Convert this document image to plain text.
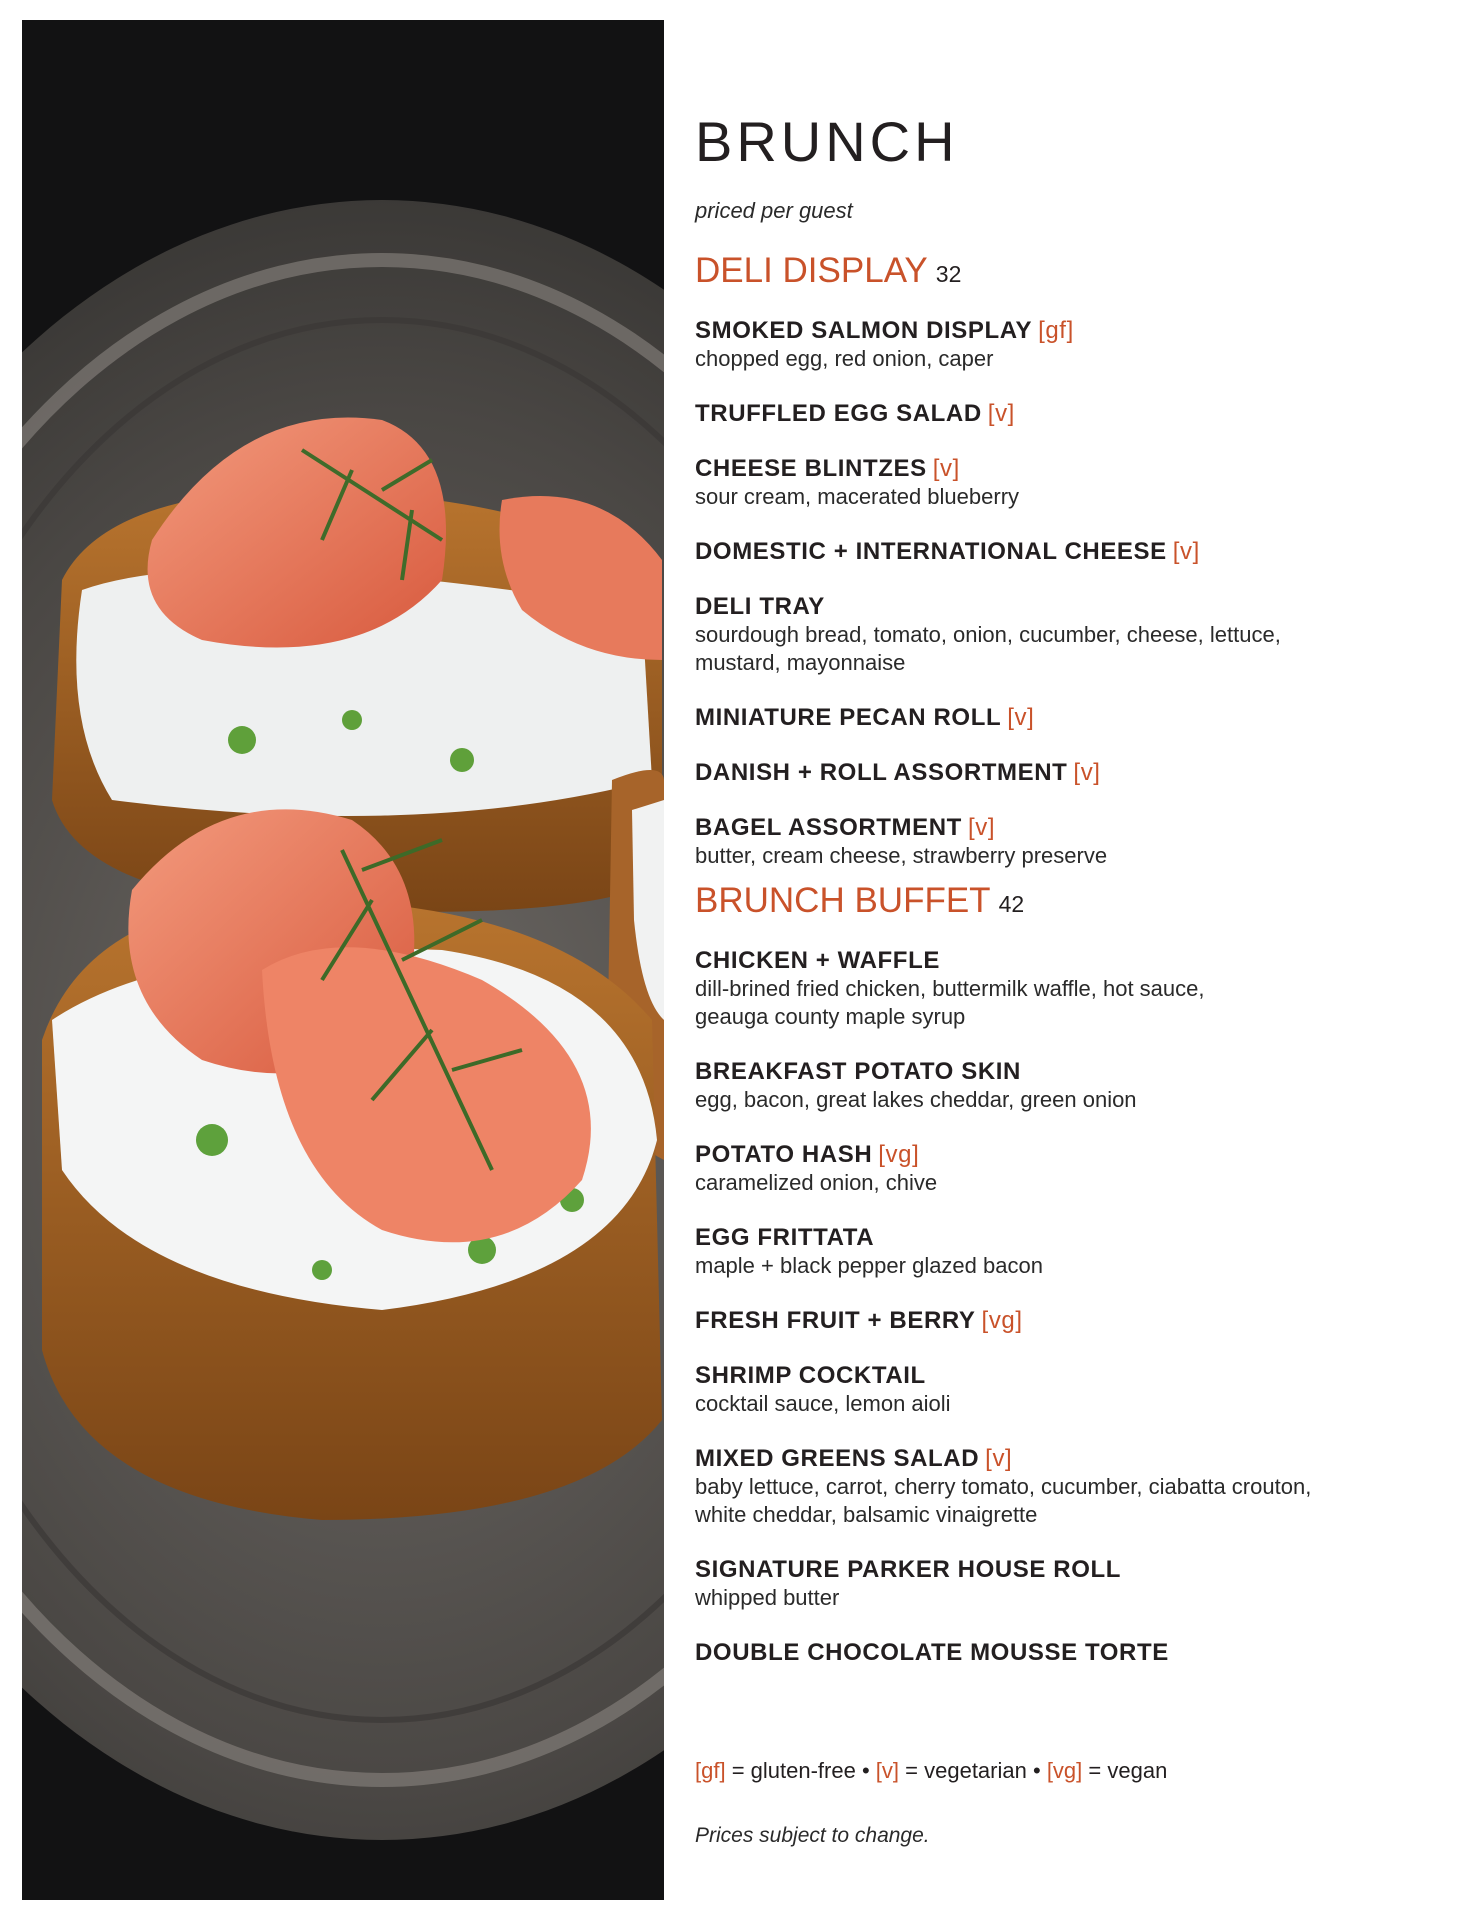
BRUNCH
priced per guest
DELI DISPLAY 32
SMOKED SALMON DISPLAY [gf]
chopped egg, red onion, caper
TRUFFLED EGG SALAD [v]
CHEESE BLINTZES [v]
sour cream, macerated blueberry
DOMESTIC + INTERNATIONAL CHEESE [v]
DELI TRAY
sourdough bread, tomato, onion, cucumber, cheese, lettuce,
mustard, mayonnaise
MINIATURE PECAN ROLL [v]
DANISH + ROLL ASSORTMENT [v]
BAGEL ASSORTMENT [v]
butter, cream cheese, strawberry preserve
BRUNCH BUFFET 42
CHICKEN + WAFFLE
dill-brined fried chicken, buttermilk waffle, hot sauce,
geauga county maple syrup
BREAKFAST POTATO SKIN
egg, bacon, great lakes cheddar, green onion
POTATO HASH [vg]
caramelized onion, chive
EGG FRITTATA
maple + black pepper glazed bacon
FRESH FRUIT + BERRY [vg]
SHRIMP COCKTAIL
cocktail sauce, lemon aioli
MIXED GREENS SALAD [v]
baby lettuce, carrot, cherry tomato, cucumber, ciabatta crouton,
white cheddar, balsamic vinaigrette
SIGNATURE PARKER HOUSE ROLL
whipped butter
DOUBLE CHOCOLATE MOUSSE TORTE
[gf] = gluten-free • [v] = vegetarian • [vg] = vegan
Prices subject to change.
